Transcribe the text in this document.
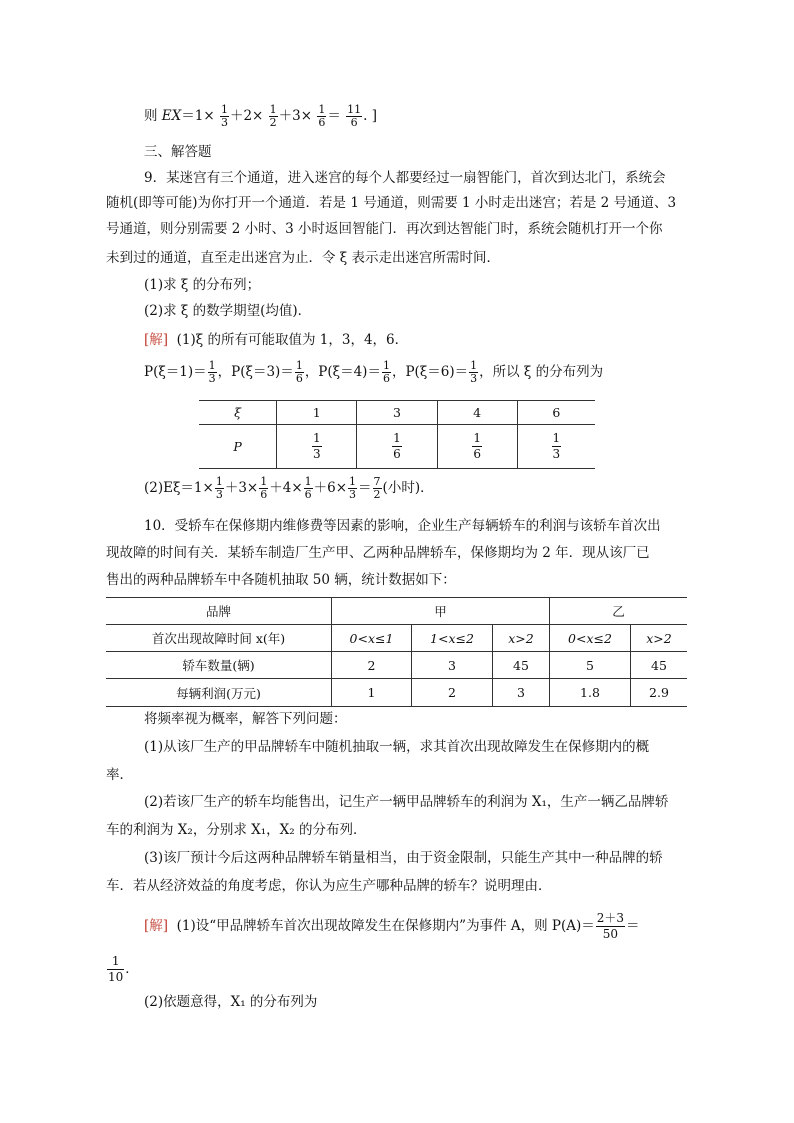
则 $EX=1\times \frac{1}{3} +2\times \frac{1}{2} +3\times \frac{1}{6} = \frac{11}{6}$ . ]
三、解答题
9．某迷宫有三个通道，进入迷宫的每个人都要经过一扇智能门，首次到达北门，系统会
随机(即等可能)为你打开一个通道．若是 1 号通道，则需要 1 小时走出迷宫；若是 2 号通道、3
号通道，则分别需要 2 小时、3 小时返回智能门．再次到达智能门时，系统会随机打开一个你
未到过的通道，直至走出迷宫为止．令 ξ 表示走出迷宫所需时间．
(1)求 ξ 的分布列；
(2)求 ξ 的数学期望(均值)．
[解] (1)ξ 的所有可能取值为 1，3，4，6．
$P(\xi=1)= \frac{1}{3}$ ，$P(\xi=3)= \frac{1}{6}$ ，$P(\xi=4)= \frac{1}{6}$ ，$P(\xi=6)= \frac{1}{3}$ ，所以 ξ 的分布列为
ξ	1	3	4	6
P	$\frac{1}{3}$	$\frac{1}{6}$	$\frac{1}{6}$	$\frac{1}{3}$
$(2)E\xi=1\times \frac{1}{3} +3\times \frac{1}{6} +4\times \frac{1}{6} +6\times \frac{1}{3} = \frac{7}{2}$ (小时)．
10．受轿车在保修期内维修费等因素的影响，企业生产每辆轿车的利润与该轿车首次出
现故障的时间有关．某轿车制造厂生产甲、乙两种品牌轿车，保修期均为 2 年．现从该厂已
售出的两种品牌轿车中各随机抽取 50 辆，统计数据如下：
品牌	甲			乙	
首次出现故障时间 x(年)	0<x≤1	1<x≤2	x>2	0<x≤2	x>2
轿车数量(辆)	2	3	45	5	45
每辆利润(万元)	1	2	3	1.8	2.9
将频率视为概率，解答下列问题：
(1)从该厂生产的甲品牌轿车中随机抽取一辆，求其首次出现故障发生在保修期内的概
率．
(2)若该厂生产的轿车均能售出，记生产一辆甲品牌轿车的利润为 X₁，生产一辆乙品牌轿
车的利润为 X₂，分别求 X₁，X₂ 的分布列．
(3)该厂预计今后这两种品牌轿车销量相当，由于资金限制，只能生产其中一种品牌的轿
车．若从经济效益的角度考虑，你认为应生产哪种品牌的轿车？说明理由．
[解] (1)设“甲品牌轿车首次出现故障发生在保修期内”为事件 A，则 $P(A)= \frac{2+3}{50}$ ＝
$\frac{1}{10}$ ．
(2)依题意得，X₁ 的分布列为
